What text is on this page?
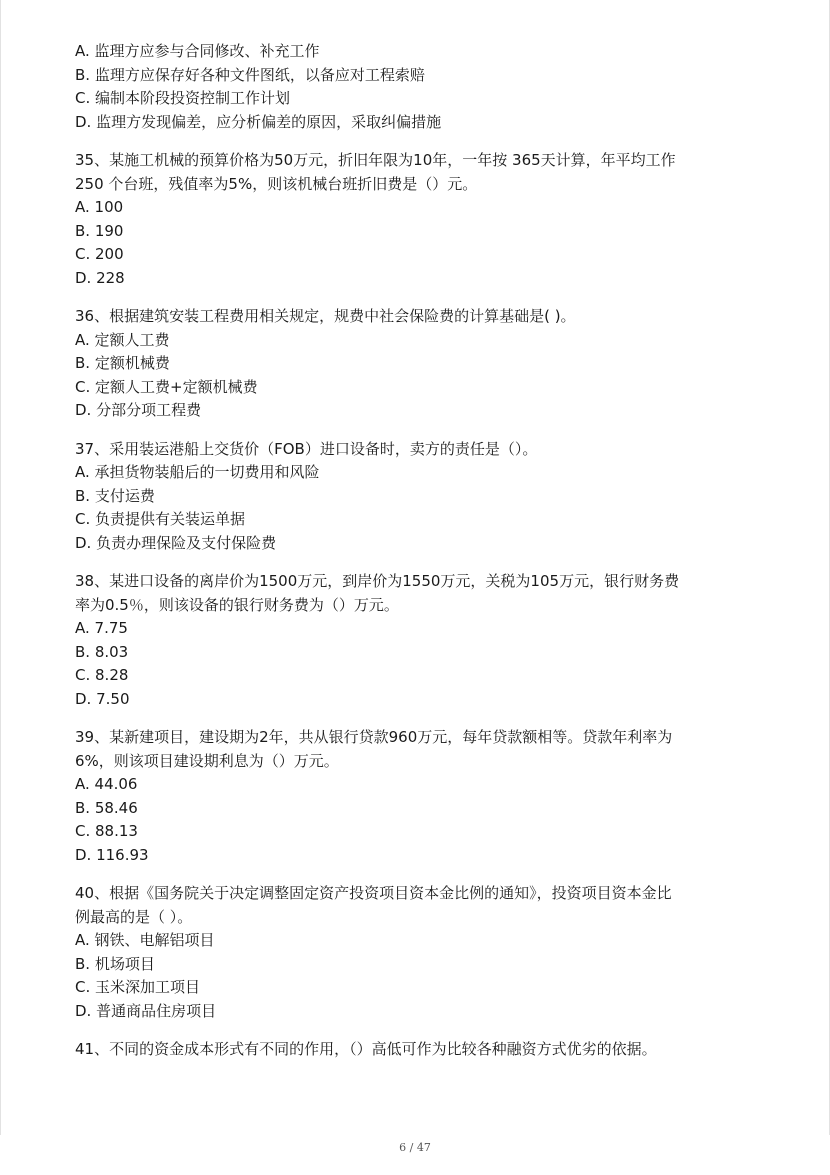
A. 监理方应参与合同修改、补充工作
B. 监理方应保存好各种文件图纸，以备应对工程索赔
C. 编制本阶段投资控制工作计划
D. 监理方发现偏差，应分析偏差的原因，采取纠偏措施
35、某施工机械的预算价格为50万元，折旧年限为10年，一年按 365天计算，年平均工作
250 个台班，残值率为5%，则该机械台班折旧费是（）元。
A. 100
B. 190
C. 200
D. 228
36、根据建筑安装工程费用相关规定，规费中社会保险费的计算基础是( )。
A. 定额人工费
B. 定额机械费
C. 定额人工费+定额机械费
D. 分部分项工程费
37、采用装运港船上交货价（FOB）进口设备时，卖方的责任是（）。
A. 承担货物装船后的一切费用和风险
B. 支付运费
C. 负责提供有关装运单据
D. 负责办理保险及支付保险费
38、某进口设备的离岸价为1500万元，到岸价为1550万元，关税为105万元，银行财务费
率为0.5％，则该设备的银行财务费为（）万元。
A. 7.75
B. 8.03
C. 8.28
D. 7.50
39、某新建项目，建设期为2年，共从银行贷款960万元，每年贷款额相等。贷款年利率为
6%，则该项目建设期利息为（）万元。
A. 44.06
B. 58.46
C. 88.13
D. 116.93
40、根据《国务院关于决定调整固定资产投资项目资本金比例的通知》，投资项目资本金比
例最高的是（ ）。
A. 钢铁、电解铝项目
B. 机场项目
C. 玉米深加工项目
D. 普通商品住房项目
41、不同的资金成本形式有不同的作用，（）高低可作为比较各种融资方式优劣的依据。
6 / 47
